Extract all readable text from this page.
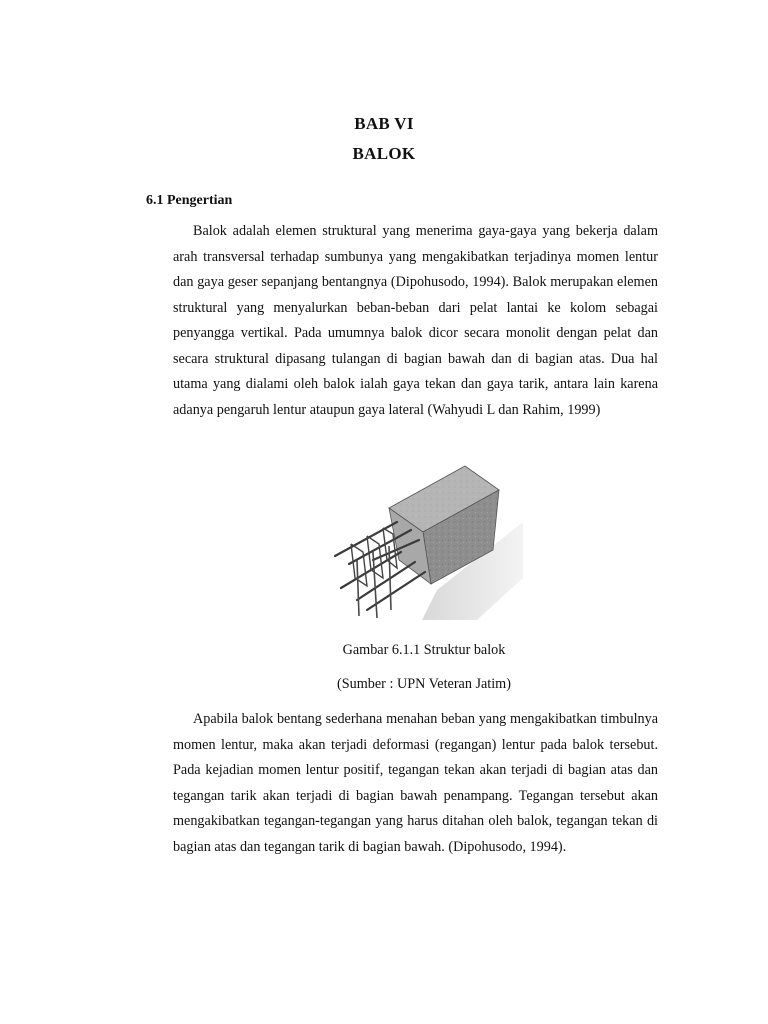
BAB VI
BALOK
6.1 Pengertian

Balok adalah elemen struktural yang menerima gaya-gaya yang bekerja dalam arah transversal terhadap sumbunya yang mengakibatkan terjadinya momen lentur dan gaya geser sepanjang bentangnya (Dipohusodo, 1994). Balok merupakan elemen struktural yang menyalurkan beban-beban dari pelat lantai ke kolom sebagai penyangga vertikal. Pada umumnya balok dicor secara monolit dengan pelat dan secara struktural dipasang tulangan di bagian bawah dan di bagian atas. Dua hal utama yang dialami oleh balok ialah gaya tekan dan gaya tarik, antara lain karena adanya pengaruh lentur ataupun gaya lateral (Wahyudi L dan Rahim, 1999)

Gambar 6.1.1 Struktur balok

(Sumber : UPN Veteran Jatim)

Apabila balok bentang sederhana menahan beban yang mengakibatkan timbulnya momen lentur, maka akan terjadi deformasi (regangan) lentur pada balok tersebut. Pada kejadian momen lentur positif, tegangan tekan akan terjadi di bagian atas dan tegangan tarik akan terjadi di bagian bawah penampang. Tegangan tersebut akan mengakibatkan tegangan-tegangan yang harus ditahan oleh balok, tegangan tekan di bagian atas dan tegangan tarik di bagian bawah. (Dipohusodo, 1994).
